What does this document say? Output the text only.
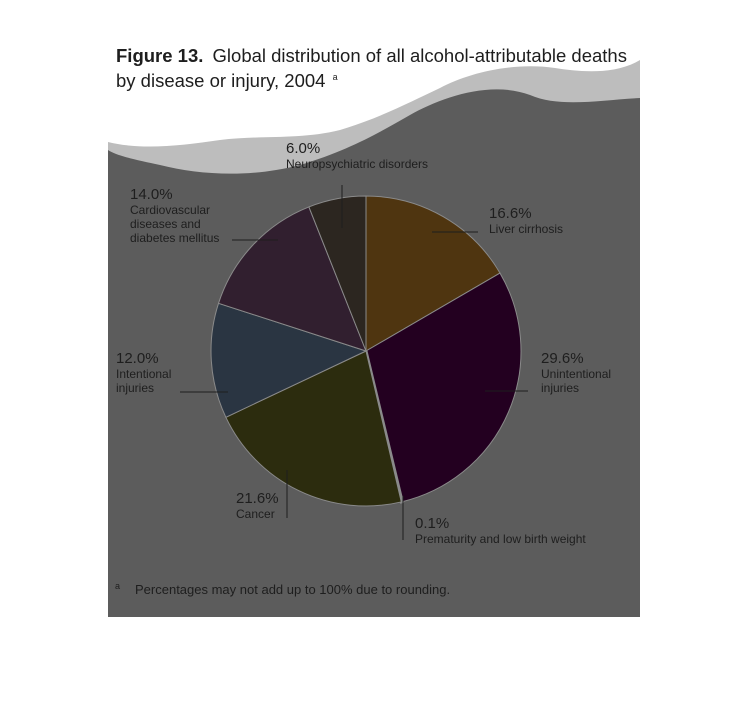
Figure 13. Global distribution of all alcohol-attributable deaths
by disease or injury, 2004 $^a$
16.6%
Liver cirrhosis
29.6%
Unintentional
injuries
0.1%
Prematurity and low birth weight
21.6%
Cancer
12.0%
Intentional
injuries
14.0%
Cardiovascular
diseases and
diabetes mellitus
6.0%
Neuropsychiatric disorders
a Percentages may not add up to 100% due to rounding.
